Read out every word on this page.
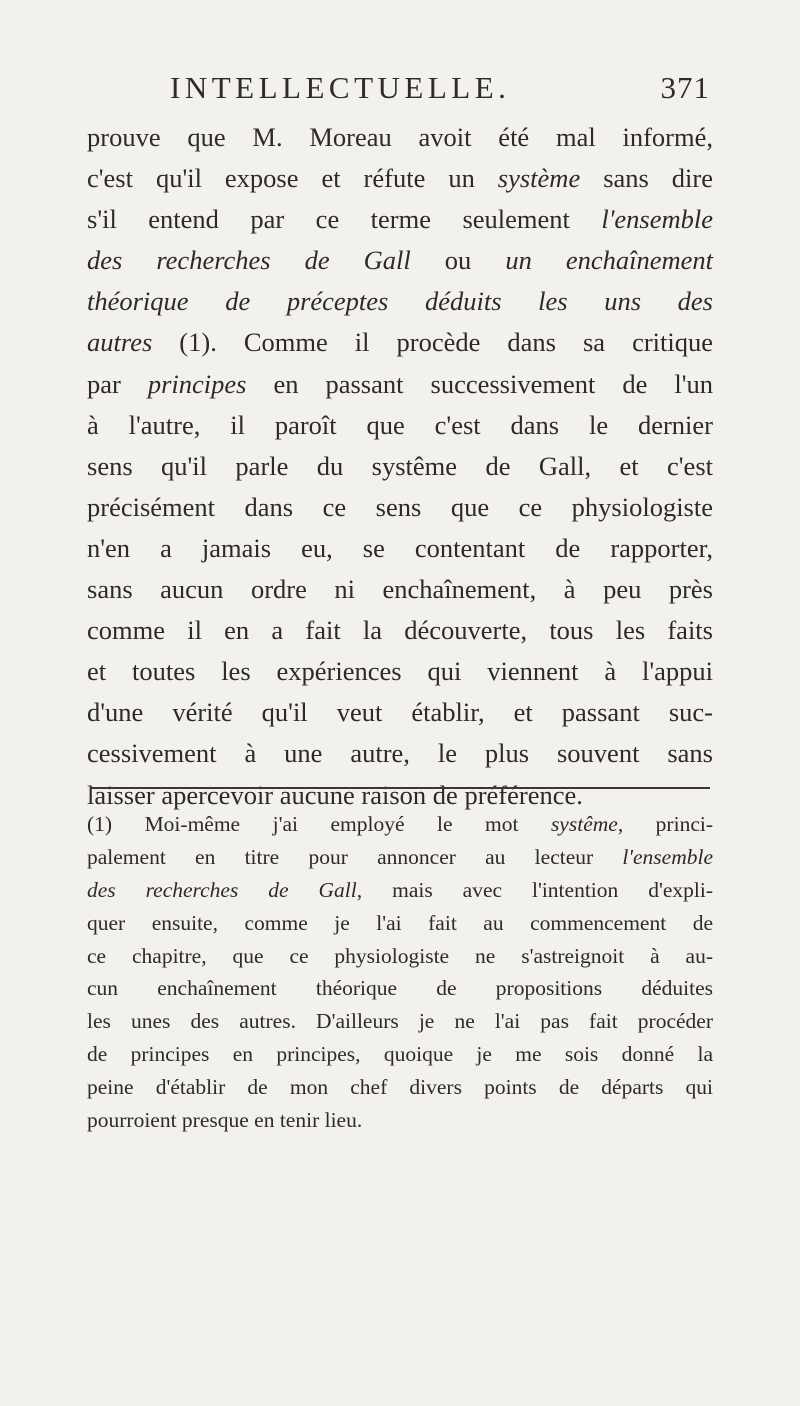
INTELLECTUELLE.	371
prouve que M. Moreau avoit été mal informé,
c'est qu'il expose et réfute un système sans dire
s'il entend par ce terme seulement l'ensemble
des recherches de Gall ou un enchaînement
théorique de préceptes déduits les uns des
autres (1). Comme il procède dans sa critique
par principes en passant successivement de l'un
à l'autre, il paroît que c'est dans le dernier
sens qu'il parle du systême de Gall, et c'est
précisément dans ce sens que ce physiologiste
n'en a jamais eu, se contentant de rapporter,
sans aucun ordre ni enchaînement, à peu près
comme il en a fait la découverte, tous les faits
et toutes les expériences qui viennent à l'appui
d'une vérité qu'il veut établir, et passant suc-
cessivement à une autre, le plus souvent sans
laisser apercevoir aucune raison de préférence.
(1) Moi-même j'ai employé le mot systême, princi-
palement en titre pour annoncer au lecteur l'ensemble
des recherches de Gall, mais avec l'intention d'expli-
quer ensuite, comme je l'ai fait au commencement de
ce chapitre, que ce physiologiste ne s'astreignoit à au-
cun enchaînement théorique de propositions déduites
les unes des autres. D'ailleurs je ne l'ai pas fait procéder
de principes en principes, quoique je me sois donné la
peine d'établir de mon chef divers points de départs qui
pourroient presque en tenir lieu.
